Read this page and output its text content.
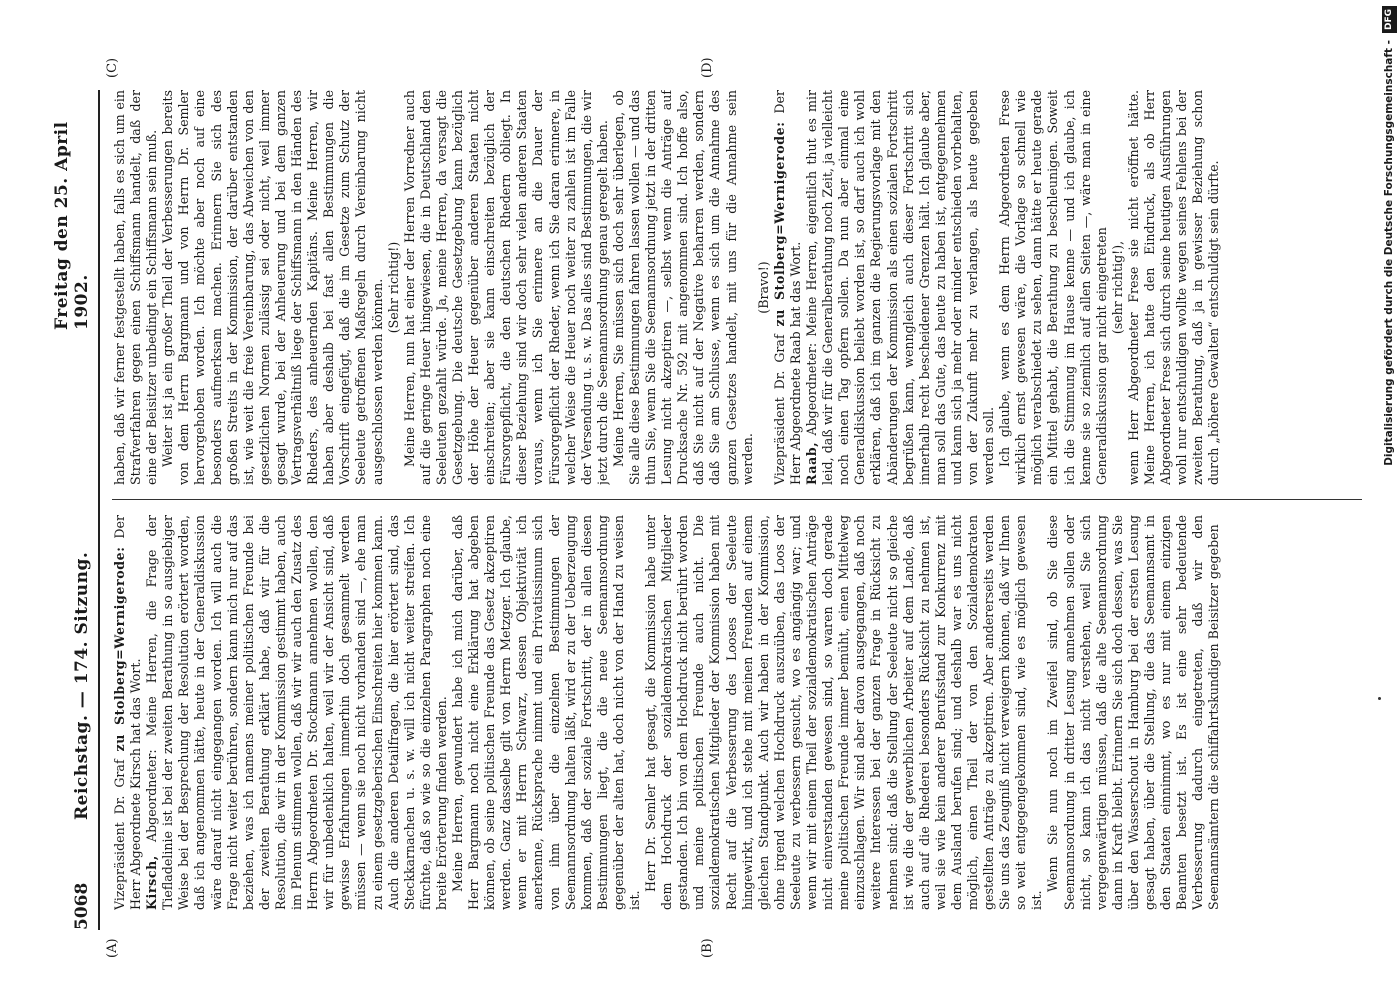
5068
Reichstag. — 174. Sitzung.
Freitag den 25. April 1902.
(A)	(B)
(C)	(D)

Vizepräsident Dr. Graf zu Stolberg=Wernigerode: Der Herr Abgeordnete Kirsch hat das Wort. Kirsch, Abgeordneter: Meine Herren, die Frage der Tiefladelinie ist bei der zweiten Berathung in so ausgiebiger Weise bei der Besprechung der Resolution erörtert worden, daß ich angenommen hätte, heute in der Generaldiskussion wäre darauf nicht eingegangen worden. Ich will auch die Frage nicht weiter berühren, sondern kann mich nur auf das beziehen, was ich namens meiner politischen Freunde bei der zweiten Berathung erklärt habe, daß wir für die Resolution, die wir in der Kommission gestimmt haben, auch im Plenum stimmen wollen, daß wir wir auch den Zusatz des Herrn Abgeordneten Dr. Stockmann annehmen wollen, den wir für unbedenklich halten, weil wir der Ansicht sind, daß gewisse Erfahrungen immerhin doch gesammelt werden müssen — wenn sie noch nicht vorhanden sind —, ehe man zu einem gesetzgeberischen Einschreiten hier kommen kann. Auch die anderen Detailfragen, die hier erörtert sind, das Steckkarnachen u. s. w. will ich nicht weiter streifen. Ich fürchte, daß so wie so die einzelnen Paragraphen noch eine breite Erörterung finden werden. Meine Herren, gewundert habe ich mich darüber, daß Herr Bargmann noch nicht eine Erklärung hat abgeben können, ob seine politischen Freunde das Gesetz akzeptiren werden. Ganz dasselbe gilt von Herrn Metzger. Ich glaube, wenn er mit Herrn Schwarz, dessen Objektivität ich anerkenne, Rücksprache nimmt und ein Privatissimum sich von ihm über die einzelnen Bestimmungen der Seemannsordnung halten läßt, wird er zu der Ueberzeugung kommen, daß der soziale Fortschritt, der in allen diesen Bestimmungen liegt, die die neue Seemannsordnung gegenüber der alten hat, doch nicht von der Hand zu weisen ist.

Herr Dr. Semler hat gesagt, die Kommission habe unter dem Hochdruck der sozialdemokratischen Mitglieder gestanden. Ich bin von dem Hochdruck nicht berührt worden und meine politischen Freunde auch nicht. Die sozialdemokratischen Mitglieder der Kommission haben mit Recht auf die Verbesserung des Looses der Seeleute hingewirkt, und ich stehe mit meinen Freunden auf einem gleichen Standpunkt. Auch wir haben in der Kommission, ohne irgend welchen Hochdruck auszuüben, das Loos der Seeleute zu verbessern gesucht, wo es angängig war; und wenn wir mit einem Theil der sozialdemokratischen Anträge nicht einverstanden gewesen sind, so waren doch gerade meine politischen Freunde immer bemüht, einen Mittelweg einzuschlagen. Wir sind aber davon ausgegangen, daß noch weitere Interessen bei der ganzen Frage in Rücksicht zu nehmen sind: daß die Stellung der Seeleute nicht so gleiche ist wie die der gewerblichen Arbeiter auf dem Lande, daß auch auf die Rhederei besonders Rücksicht zu nehmen ist, weil sie wie kein anderer Berufsstand zur Konkurrenz mit dem Ausland berufen sind; und deshalb war es uns nicht möglich, einen Theil der von den Sozialdemokraten gestellten Anträge zu akzeptiren. Aber andererseits werden Sie uns das Zeugniß nicht verweigern können, daß wir Ihnen so weit entgegengekommen sind, wie es möglich gewesen ist.

Wenn Sie nun noch im Zweifel sind, ob Sie diese Seemannsordnung in dritter Lesung annehmen sollen oder nicht, so kann ich das nicht verstehen, weil Sie sich vergegenwärtigen müssen, daß die alte Seemannsordnung dann in Kraft bleibt. Erinnern Sie sich doch dessen, was Sie über den Wasserschout in Hamburg bei der ersten Lesung gesagt haben, über die Stellung, die das Seemannsamt in den Staaten einnimmt, wo es nur mit einem einzigen Beamten besetzt ist. Es ist eine sehr bedeutende Verbesserung dadurch eingetreten, daß wir den Seemannsämtern die schiffahrtskundigen Beisitzer gegeben

haben, daß wir ferner festgestellt haben, falls es sich um ein Strafverfahren gegen einen Schiffsmann handelt, daß der eine der Beisitzer unbedingt ein Schiffsmann sein muß. Weiter ist ja ein großer Theil der Verbesserungen bereits von dem Herrn Bargmann und von Herrn Dr. Semler hervorgehoben worden. Ich möchte aber noch auf eine besonders aufmerksam machen. Erinnern Sie sich des großen Streits in der Kommission, der darüber entstanden ist, wie weit die freie Vereinbarung, das Abweichen von den gesetzlichen Normen zulässig sei oder nicht, weil immer gesagt wurde, bei der Anheuerung und bei dem ganzen Vertragsverhältniß liege der Schiffsmann in den Händen des Rheders, des anheuernden Kapitäns. Meine Herren, wir haben aber deshalb bei fast allen Bestimmungen die Vorschrift eingefügt, daß die im Gesetze zum Schutz der Seeleute getroffenen Maßregeln durch Vereinbarung nicht ausgeschlossen werden können. (Sehr richtig!) Meine Herren, nun hat einer der Herren Vorredner auch auf die geringe Heuer hingewiesen, die in Deutschland den Seeleuten gezahlt würde. Ja, meine Herren, da versagt die Gesetzgebung. Die deutsche Gesetzgebung kann bezüglich der Höhe der Heuer gegenüber anderen Staaten nicht einschreiten; aber sie kann einschreiten bezüglich der Fürsorgepflicht, die den deutschen Rhedern obliegt. In dieser Beziehung sind wir doch sehr vielen anderen Staaten voraus, wenn ich Sie erinnere an die Dauer der Fürsorgepflicht der Rheder, wenn ich Sie daran erinnere, in welcher Weise die Heuer noch weiter zu zahlen ist im Falle der Versendung u. s. w. Das alles sind Bestimmungen, die wir jetzt durch die Seemannsordnung genau geregelt haben. Meine Herren, Sie müssen sich doch sehr überlegen, ob Sie alle diese Bestimmungen fahren lassen wollen — und das thun Sie, wenn Sie die Seemannsordnung jetzt in der dritten Lesung nicht akzeptiren —, selbst wenn die Anträge auf Drucksache Nr. 592 mit angenommen sind. Ich hoffe also, daß Sie nicht auf der Negative beharren werden, sondern daß Sie am Schlusse, wenn es sich um die Annahme des ganzen Gesetzes handelt, mit uns für die Annahme sein werden.

(Bravo!)

Vizepräsident Dr. Graf zu Stolberg=Wernigerode: Der Herr Abgeordnete Raab hat das Wort. Raab, Abgeordneter: Meine Herren, eigentlich thut es mir leid, daß wir für die Generalberathung noch Zeit, ja vielleicht noch einen Tag opfern sollen. Da nun aber einmal eine Generaldiskussion beliebt worden ist, so darf auch ich wohl erklären, daß ich im ganzen die Regierungsvorlage mit den Abänderungen der Kommission als einen sozialen Fortschritt begrüßen kann, wenngleich auch dieser Fortschritt sich innerhalb recht bescheidener Grenzen hält. Ich glaube aber, man soll das Gute, das heute zu haben ist, entgegennehmen und kann sich ja mehr oder minder entschieden vorbehalten, von der Zukunft mehr zu verlangen, als heute gegeben werden soll. Ich glaube, wenn es dem Herrn Abgeordneten Frese wirklich ernst gewesen wäre, die Vorlage so schnell wie möglich verabschiedet zu sehen, dann hätte er heute gerade ein Mittel gehabt, die Berathung zu beschleunigen. Soweit ich die Stimmung im Hause kenne — und ich glaube, ich kenne sie so ziemlich auf allen Seiten —, wäre man in eine Generaldiskussion gar nicht eingetreten (sehr richtig!), wenn Herr Abgeordneter Frese sie nicht eröffnet hätte. Meine Herren, ich hatte den Eindruck, als ob Herr Abgeordneter Frese sich durch seine heutigen Ausführungen wohl nur entschuldigen wollte wegen seines Fehlens bei der zweiten Berathung, daß ja in gewisser Beziehung schon durch „höhere Gewalten“ entschuldigt sein dürfte.	Digitalisierung gefördert durch die Deutsche Forschungsgemeinschaft -
DFG
